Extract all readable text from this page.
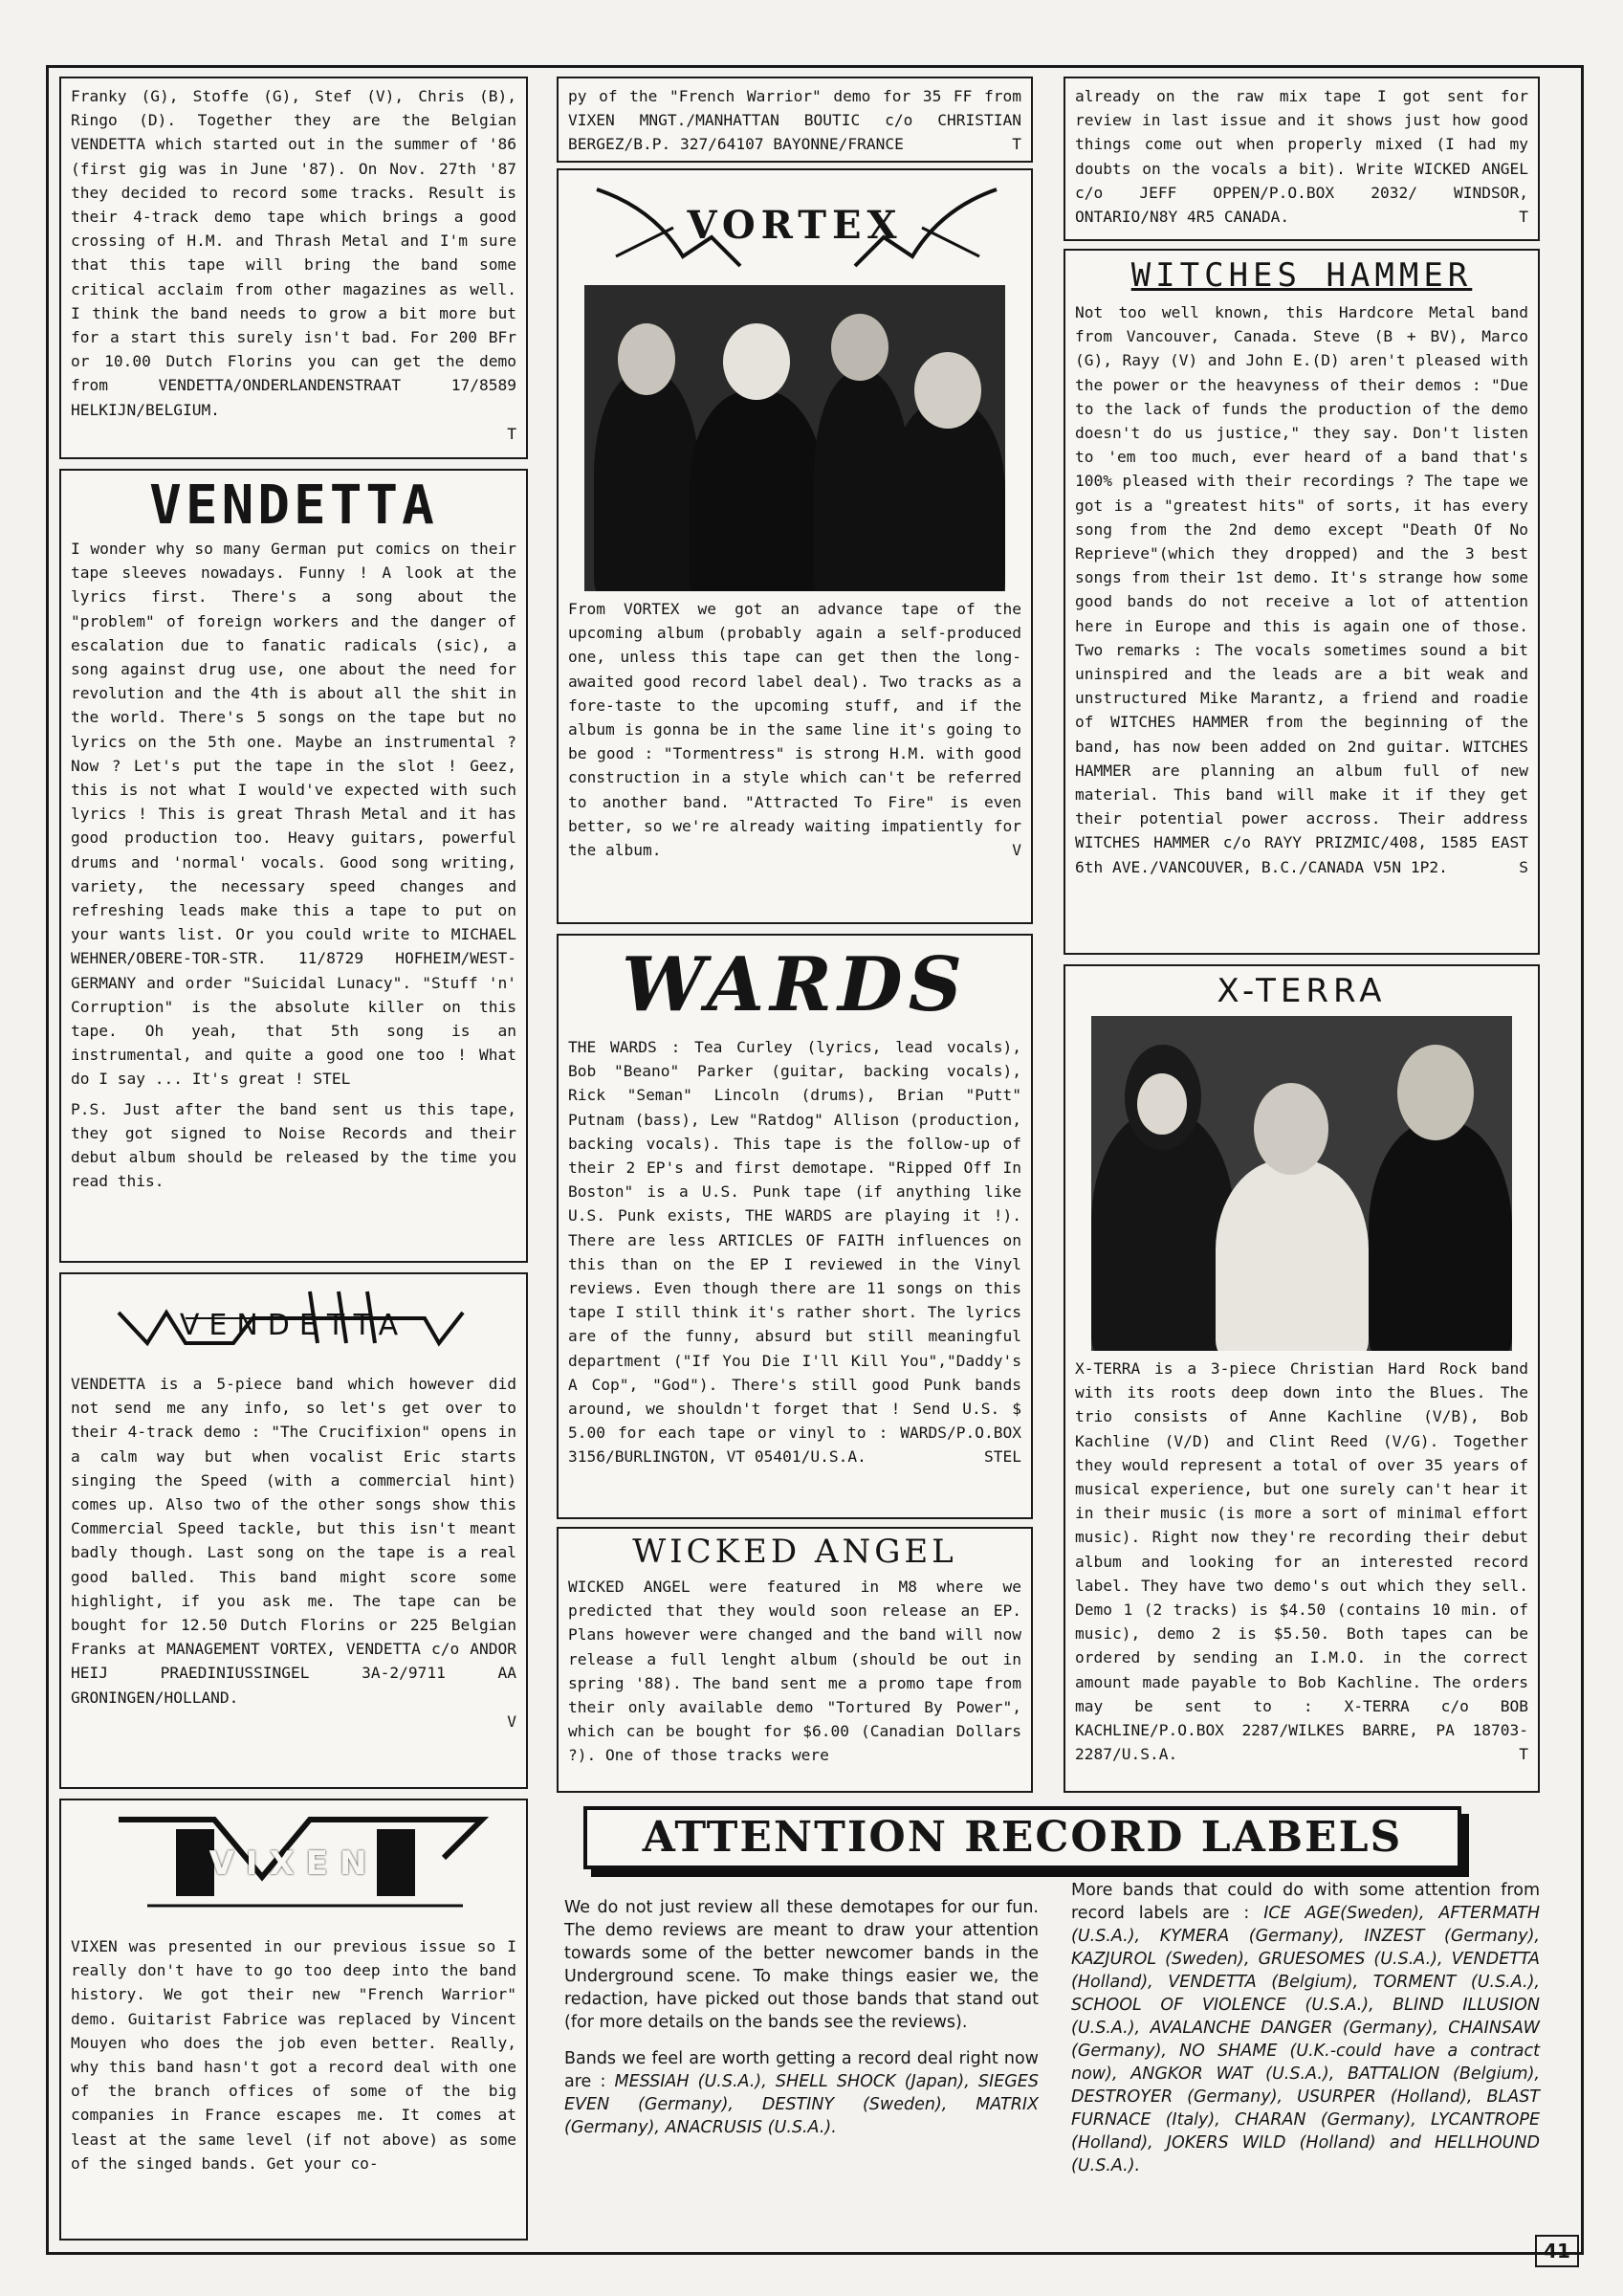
Franky (G), Stoffe (G), Stef (V), Chris (B), Ringo (D). Together they are the Belgian VENDETTA which started out in the summer of '86 (first gig was in June '87). On Nov. 27th '87 they decided to record some tracks. Result is their 4-track demo tape which brings a good crossing of H.M. and Thrash Metal and I'm sure that this tape will bring the band some critical acclaim from other magazines as well. I think the band needs to grow a bit more but for a start this surely isn't bad. For 200 BFr or 10.00 Dutch Florins you can get the demo from VENDETTA/ONDERLANDENSTRAAT 17/8589 HELKIJN/BELGIUM.
T

VENDETTA

I wonder why so many German put comics on their tape sleeves nowadays. Funny ! A look at the lyrics first. There's a song about the "problem" of foreign workers and the danger of escalation due to fanatic radicals (sic), a song against drug use, one about the need for revolution and the 4th is about all the shit in the world. There's 5 songs on the tape but no lyrics on the 5th one. Maybe an instrumental ? Now ? Let's put the tape in the slot ! Geez, this is not what I would've expected with such lyrics ! This is great Thrash Metal and it has good production too. Heavy guitars, powerful drums and 'normal' vocals. Good song writing, variety, the necessary speed changes and refreshing leads make this a tape to put on your wants list. Or you could write to MICHAEL WEHNER/OBERE-TOR-STR. 11/8729 HOFHEIM/WEST-GERMANY and order "Suicidal Lunacy". "Stuff 'n' Corruption" is the absolute killer on this tape. Oh yeah, that 5th song is an instrumental, and quite a good one too ! What do I say ... It's great ! STEL

P.S. Just after the band sent us this tape, they got signed to Noise Records and their debut album should be released by the time you read this.

VENDETTA

VENDETTA is a 5-piece band which however did not send me any info, so let's get over to their 4-track demo : "The Crucifixion" opens in a calm way but when vocalist Eric starts singing the Speed (with a commercial hint) comes up. Also two of the other songs show this Commercial Speed tackle, but this isn't meant badly though. Last song on the tape is a real good balled. This band might score some highlight, if you ask me. The tape can be bought for 12.50 Dutch Florins or 225 Belgian Franks at MANAGEMENT VORTEX, VENDETTA c/o ANDOR HEIJ PRAEDINIUSSINGEL 3A-2/9711 AA GRONINGEN/HOLLAND.
V

VIXEN

VIXEN was presented in our previous issue so I really don't have to go too deep into the band history. We got their new "French Warrior" demo. Guitarist Fabrice was replaced by Vincent Mouyen who does the job even better. Really, why this band hasn't got a record deal with one of the branch offices of some of the big companies in France escapes me. It comes at least at the same level (if not above) as some of the singed bands. Get your co-

py of the "French Warrior" demo for 35 FF from VIXEN MNGT./MANHATTAN BOUTIC c/o CHRISTIAN BERGEZ/B.P. 327/64107 BAYONNE/FRANCE	T

VORTEX

From VORTEX we got an advance tape of the upcoming album (probably again a self-produced one, unless this tape can get then the long-awaited good record label deal). Two tracks as a fore-taste to the upcoming stuff, and if the album is gonna be in the same line it's going to be good : "Tormentress" is strong H.M. with good construction in a style which can't be referred to another band. "Attracted To Fire" is even better, so we're already waiting impatiently for the album.	V

WARDS

THE WARDS : Tea Curley (lyrics, lead vocals), Bob "Beano" Parker (guitar, backing vocals), Rick "Seman" Lincoln (drums), Brian "Putt" Putnam (bass), Lew "Ratdog" Allison (production, backing vocals). This tape is the follow-up of their 2 EP's and first demotape. "Ripped Off In Boston" is a U.S. Punk tape (if anything like U.S. Punk exists, THE WARDS are playing it !). There are less ARTICLES OF FAITH influences on this than on the EP I reviewed in the Vinyl reviews. Even though there are 11 songs on this tape I still think it's rather short. The lyrics are of the funny, absurd but still meaningful department ("If You Die I'll Kill You","Daddy's A Cop", "God"). There's still good Punk bands around, we shouldn't forget that ! Send U.S. $ 5.00 for each tape or vinyl to : WARDS/P.O.BOX 3156/BURLINGTON, VT 05401/U.S.A.	STEL

WICKED ANGEL

WICKED ANGEL were featured in M8 where we predicted that they would soon release an EP. Plans however were changed and the band will now release a full lenght album (should be out in spring '88). The band sent me a promo tape from their only available demo "Tortured By Power", which can be bought for $6.00 (Canadian Dollars ?). One of those tracks were

already on the raw mix tape I got sent for review in last issue and it shows just how good things come out when properly mixed (I had my doubts on the vocals a bit). Write WICKED ANGEL c/o JEFF OPPEN/P.O.BOX 2032/ WINDSOR, ONTARIO/N8Y 4R5 CANADA.	T

WITCHES HAMMER

Not too well known, this Hardcore Metal band from Vancouver, Canada. Steve (B + BV), Marco (G), Rayy (V) and John E.(D) aren't pleased with the power or the heavyness of their demos : "Due to the lack of funds the production of the demo doesn't do us justice," they say. Don't listen to 'em too much, ever heard of a band that's 100% pleased with their recordings ? The tape we got is a "greatest hits" of sorts, it has every song from the 2nd demo except "Death Of No Reprieve"(which they dropped) and the 3 best songs from their 1st demo. It's strange how some good bands do not receive a lot of attention here in Europe and this is again one of those. Two remarks : The vocals sometimes sound a bit uninspired and the leads are a bit weak and unstructured Mike Marantz, a friend and roadie of WITCHES HAMMER from the beginning of the band, has now been added on 2nd guitar. WITCHES HAMMER are planning an album full of new material. This band will make it if they get their potential power accross. Their address WITCHES HAMMER c/o RAYY PRIZMIC/408, 1585 EAST 6th AVE./VANCOUVER, B.C./CANADA V5N 1P2.	S

X-TERRA

X-TERRA is a 3-piece Christian Hard Rock band with its roots deep down into the Blues. The trio consists of Anne Kachline (V/B), Bob Kachline (V/D) and Clint Reed (V/G). Together they would represent a total of over 35 years of musical experience, but one surely can't hear it in their music (is more a sort of minimal effort music). Right now they're recording their debut album and looking for an interested record label. They have two demo's out which they sell. Demo 1 (2 tracks) is $4.50 (contains 10 min. of music), demo 2 is $5.50. Both tapes can be ordered by sending an I.M.O. in the correct amount made payable to Bob Kachline. The orders may be sent to : X-TERRA c/o BOB KACHLINE/P.O.BOX 2287/WILKES BARRE, PA 18703-2287/U.S.A.	T

ATTENTION RECORD LABELS

We do not just review all these demotapes for our fun. The demo reviews are meant to draw your attention towards some of the better newcomer bands in the Underground scene. To make things easier we, the redaction, have picked out those bands that stand out (for more details on the bands see the reviews).

Bands we feel are worth getting a record deal right now are : MESSIAH (U.S.A.), SHELL SHOCK (Japan), SIEGES EVEN (Germany), DESTINY (Sweden), MATRIX (Germany), ANACRUSIS (U.S.A.).

More bands that could do with some attention from record labels are : ICE AGE(Sweden), AFTERMATH (U.S.A.), KYMERA (Germany), INZEST (Germany), KAZJUROL (Sweden), GRUESOMES (U.S.A.), VENDETTA (Holland), VENDETTA (Belgium), TORMENT (U.S.A.), SCHOOL OF VIOLENCE (U.S.A.), BLIND ILLUSION (U.S.A.), AVALANCHE DANGER (Germany), CHAINSAW (Germany), NO SHAME (U.K.-could have a contract now), ANGKOR WAT (U.S.A.), BATTALION (Belgium), DESTROYER (Germany), USURPER (Holland), BLAST FURNACE (Italy), CHARAN (Germany), LYCANTROPE (Holland), JOKERS WILD (Holland) and HELLHOUND (U.S.A.).

41
